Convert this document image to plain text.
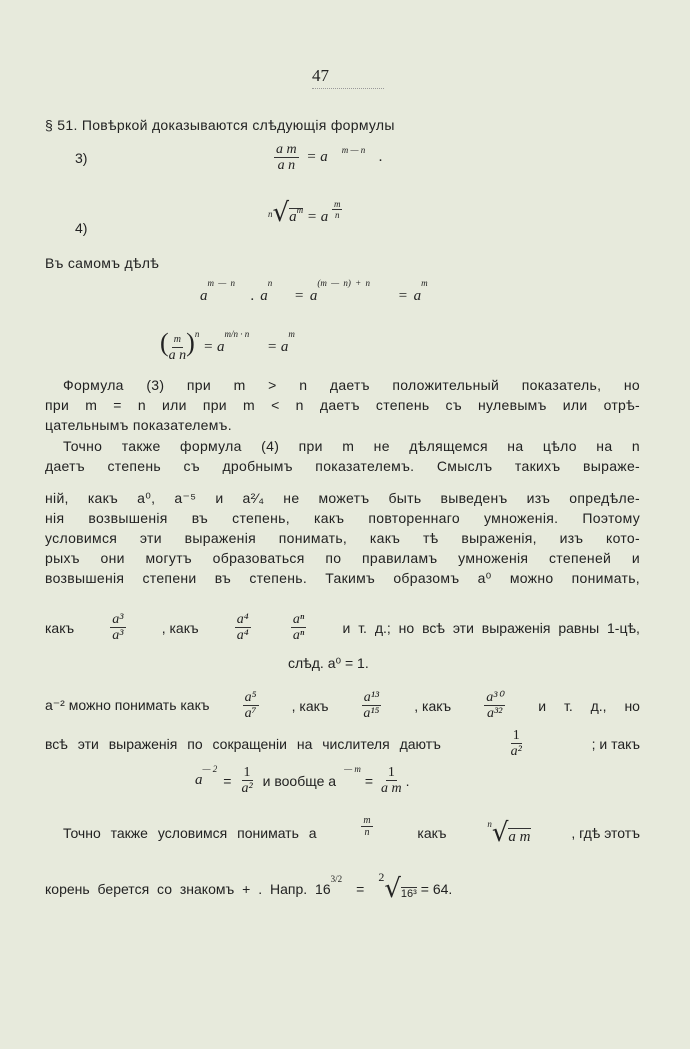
47
§ 51. Повѣркой доказываются слѣдующія формулы
3)	$\frac{\text{a m}}{\text{a n}} = a$ $^{m — n}$ .
4)
$^n√a^m = a \frac{m}{n}$
Въ самомъ дѣлѣ
$a^{m — n}$ . $a^n = a^{(m — n) + n} = a^m$
( $\frac{m}{\text{a n}} )^n = a^{m/n \cdot n} = a^m$
Формула (3) при m > n даетъ положительный показатель, но
при m = n или при m < n даетъ степень съ нулевымъ или отрѣ-
цательнымъ показателемъ.
Точно также формула (4) при m не дѣлящемся на цѣло на n
даетъ степень съ дробнымъ показателемъ. Смыслъ такихъ выраже-
ній, какъ a⁰, a⁻⁵ и a²⁄₄ не можетъ быть выведенъ изъ опредѣле-
нія возвышенія въ степень, какъ повтореннаго умноженія. Поэтому
условимся эти выраженія понимать, какъ тѣ выраженія, изъ кото-
рыхъ они могутъ образоваться по правиламъ умноженія степеней и
возвышенія степени въ степень. Такимъ образомъ a⁰ можно понимать,
какъ	$\frac{\text{a³}}{\text{a³}}$	, какъ	$\frac{\text{a⁴}}{\text{a⁴}}$	$\frac{\text{aⁿ}}{\text{aⁿ}}$	и т. д.; но всѣ эти выраженія равны 1-цѣ,
слѣд. a⁰ = 1.
a⁻² можно понимать какъ $\frac{\text{a⁵}}{\text{a⁷}}$ , какъ $\frac{\text{a¹³}}{\text{a¹⁵}}$ , какъ $\frac{\text{a³⁰}}{\text{a³²}}$ и т. д., но
всѣ эти выраженія по сокращеніи на числителя даютъ	$\frac{1}{\text{a²}}$	; и такъ
a
— 2
= $\frac{1}{\text{a²}}$ и вообще a
— m
= $\frac{1}{\text{a m}}$ .
Точно также условимся понимать a	$\frac{m}{n}$	какъ
$^n$√a m	, гдѣ этотъ
корень берется со знакомъ + . Напр. 16
3/2
=
2√16³ = 64.
